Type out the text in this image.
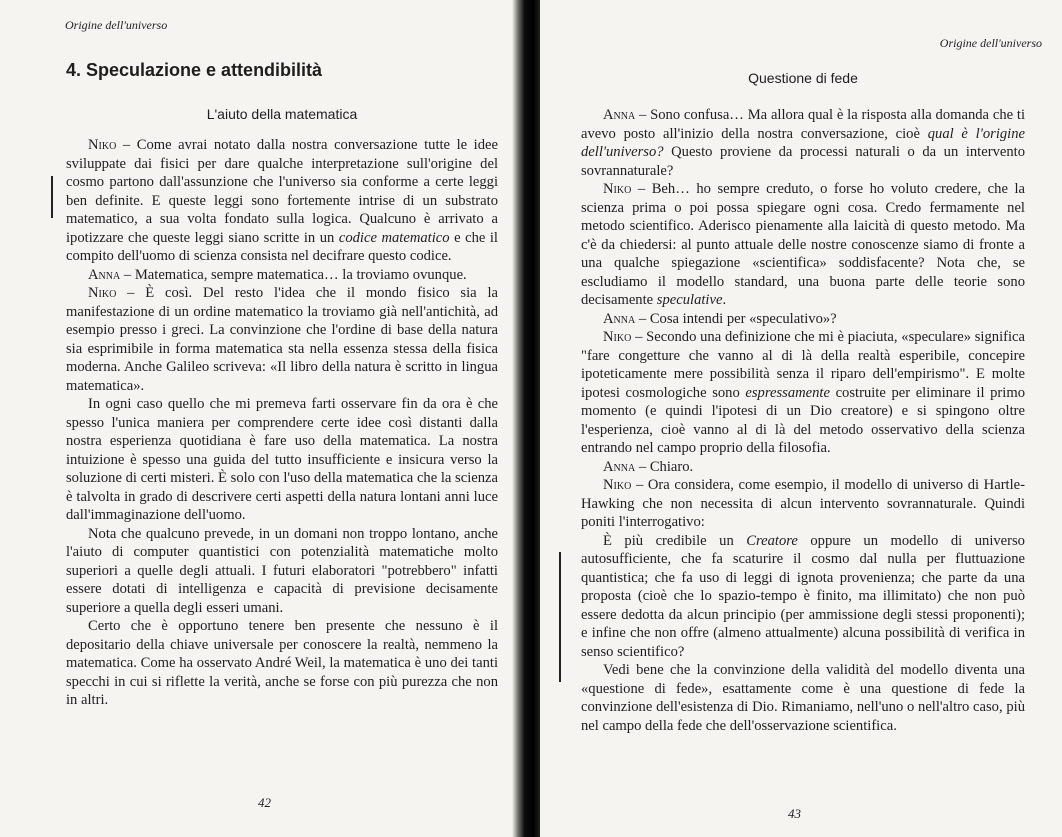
Origine dell'universo
4. Speculazione e attendibilità
L'aiuto della matematica

Niko – Come avrai notato dalla nostra conversazione tutte le idee sviluppate dai fisici per dare qualche interpretazione sull'origine del cosmo partono dall'assunzione che l'universo sia conforme a certe leggi ben definite. E queste leggi sono fortemente intrise di un substrato matematico, a sua volta fondato sulla logica. Qualcuno è arrivato a ipotizzare che queste leggi siano scritte in un codice matematico e che il compito dell'uomo di scienza consista nel decifrare questo codice.

Anna – Matematica, sempre matematica… la troviamo ovunque.

Niko – È così. Del resto l'idea che il mondo fisico sia la manifestazione di un ordine matematico la troviamo già nell'antichità, ad esempio presso i greci. La convinzione che l'ordine di base della natura sia esprimibile in forma matematica sta nella essenza stessa della fisica moderna. Anche Galileo scriveva: «Il libro della natura è scritto in lingua matematica».

In ogni caso quello che mi premeva farti osservare fin da ora è che spesso l'unica maniera per comprendere certe idee così distanti dalla nostra esperienza quotidiana è fare uso della matematica. La nostra intuizione è spesso una guida del tutto insufficiente e insicura verso la soluzione di certi misteri. È solo con l'uso della matematica che la scienza è talvolta in grado di descrivere certi aspetti della natura lontani anni luce dall'immaginazione dell'uomo.

Nota che qualcuno prevede, in un domani non troppo lontano, anche l'aiuto di computer quantistici con potenzialità matematiche molto superiori a quelle degli attuali. I futuri elaboratori "potrebbero" infatti essere dotati di intelligenza e capacità di previsione decisamente superiore a quella degli esseri umani.

Certo che è opportuno tenere ben presente che nessuno è il depositario della chiave universale per conoscere la realtà, nemmeno la matematica. Come ha osservato André Weil, la matematica è uno dei tanti specchi in cui si riflette la verità, anche se forse con più purezza che non in altri.

42
Origine dell'universo
Questione di fede

Anna – Sono confusa… Ma allora qual è la risposta alla domanda che ti avevo posto all'inizio della nostra conversazione, cioè qual è l'origine dell'universo? Questo proviene da processi naturali o da un intervento sovrannaturale?

Niko – Beh… ho sempre creduto, o forse ho voluto credere, che la scienza prima o poi possa spiegare ogni cosa. Credo fermamente nel metodo scientifico. Aderisco pienamente alla laicità di questo metodo. Ma c'è da chiedersi: al punto attuale delle nostre conoscenze siamo di fronte a una qualche spiegazione «scientifica» soddisfacente? Nota che, se escludiamo il modello standard, una buona parte delle teorie sono decisamente speculative.

Anna – Cosa intendi per «speculativo»?

Niko – Secondo una definizione che mi è piaciuta, «speculare» significa "fare congetture che vanno al di là della realtà esperibile, concepire ipoteticamente mere possibilità senza il riparo dell'empirismo". E molte ipotesi cosmologiche sono espressamente costruite per eliminare il primo momento (e quindi l'ipotesi di un Dio creatore) e si spingono oltre l'esperienza, cioè vanno al di là del metodo osservativo della scienza entrando nel campo proprio della filosofia.

Anna – Chiaro.

Niko – Ora considera, come esempio, il modello di universo di Hartle-Hawking che non necessita di alcun intervento sovrannaturale. Quindi poniti l'interrogativo:

È più credibile un Creatore oppure un modello di universo autosufficiente, che fa scaturire il cosmo dal nulla per fluttuazione quantistica; che fa uso di leggi di ignota provenienza; che parte da una proposta (cioè che lo spazio-tempo è finito, ma illimitato) che non può essere dedotta da alcun principio (per ammissione degli stessi proponenti); e infine che non offre (almeno attualmente) alcuna possibilità di verifica in senso scientifico?

Vedi bene che la convinzione della validità del modello diventa una «questione di fede», esattamente come è una questione di fede la convinzione dell'esistenza di Dio. Rimaniamo, nell'uno o nell'altro caso, più nel campo della fede che dell'osservazione scientifica.

43
